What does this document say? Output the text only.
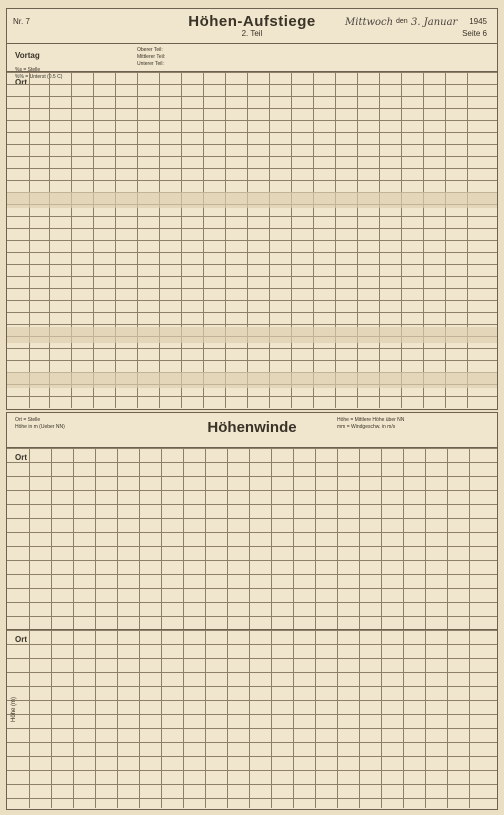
Nr. 7	Höhen-Aufstiege
2. Teil
Mittwoch den 3. Januar 1945
Seite 6
Vortag
%s = Stelle
%% = Unterst (0.5 C)
Oberer Teil:
Mittlerer Teil:
Unterer Teil:
Ort
Ort = Stelle
Höhe in m (Ueber NN)	Höhenwinde	Höhe = Mittlere Höhe über NN
mm = Windgeschw. in m/s
Ort
Ort
Höhe (m)
